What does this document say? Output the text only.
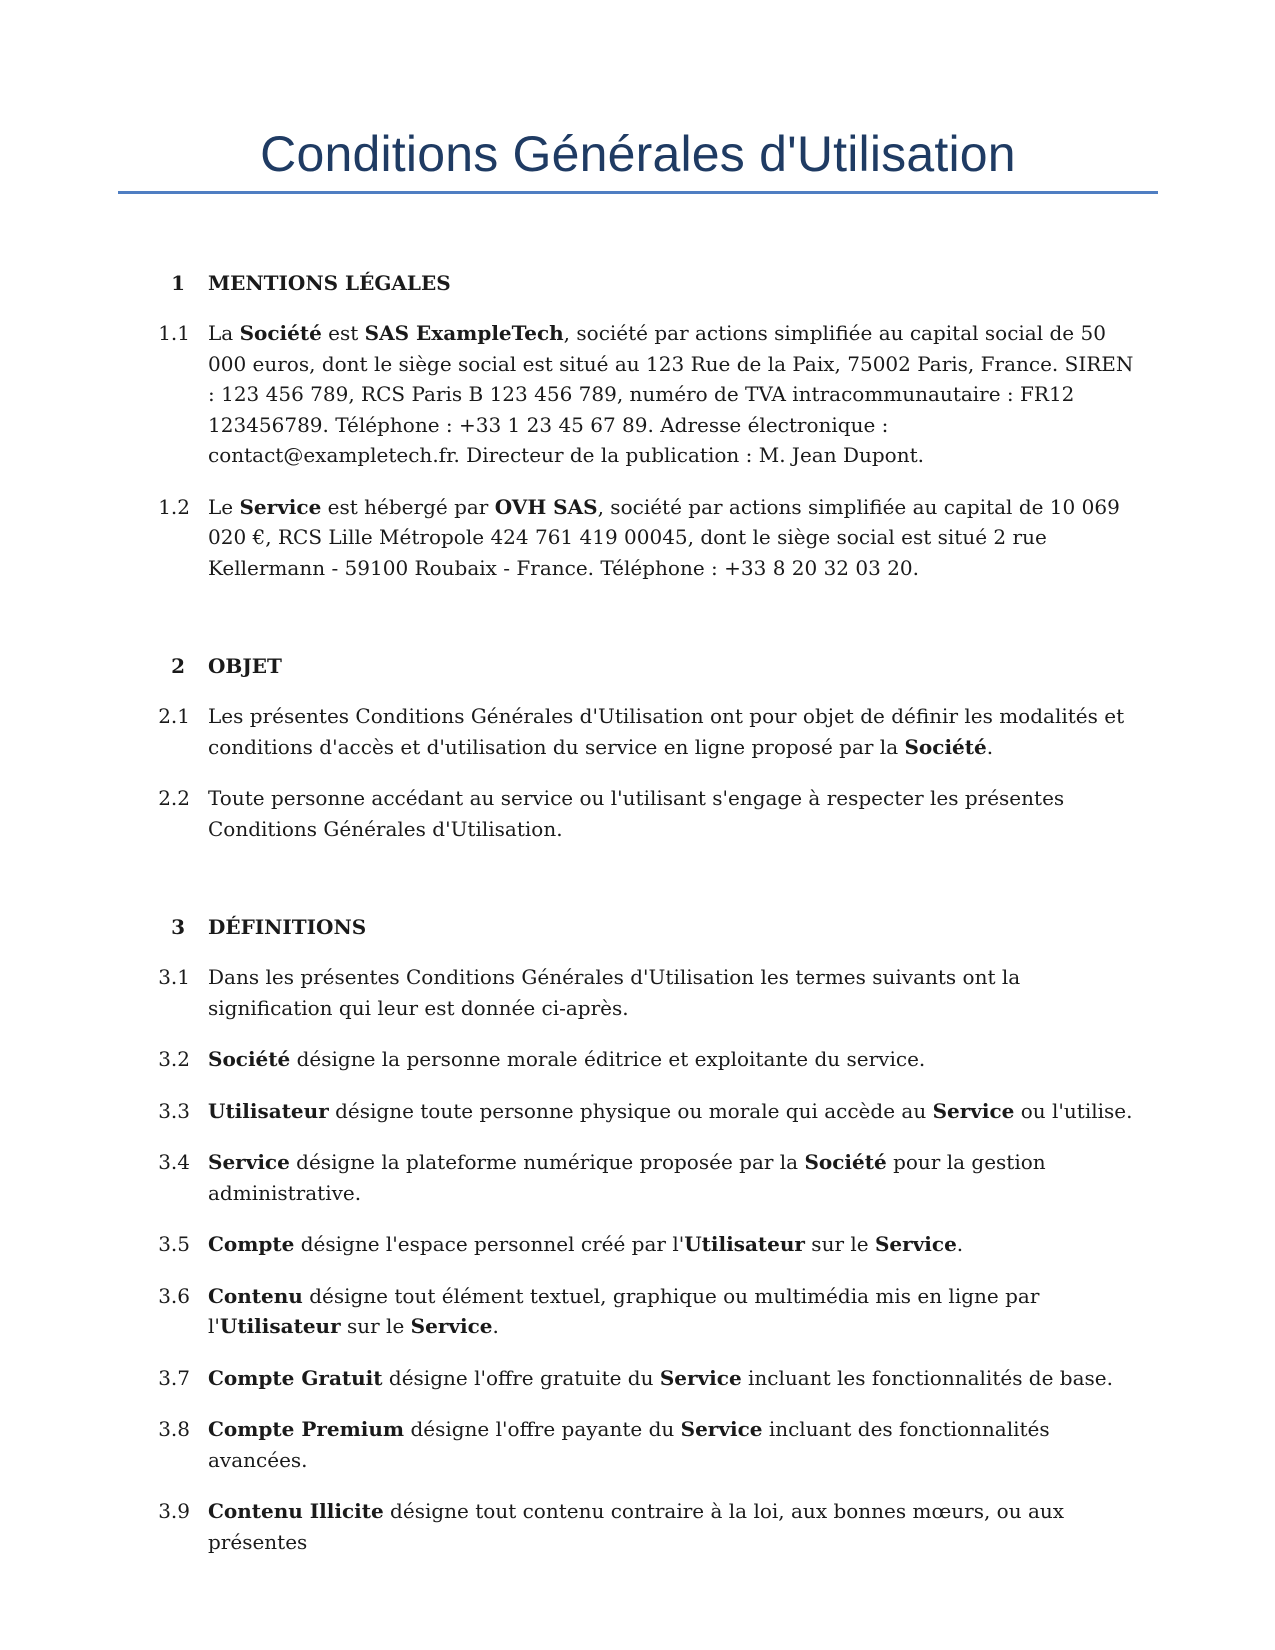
Conditions Générales d'Utilisation
1 MENTIONS LÉGALES
1.1 La Société est SAS ExampleTech, société par actions simplifiée au capital social de 50 000 euros, dont le siège social est situé au 123 Rue de la Paix, 75002 Paris, France. SIREN : 123 456 789, RCS Paris B 123 456 789, numéro de TVA intracommunautaire : FR12 123456789. Téléphone : +33 1 23 45 67 89. Adresse électronique : contact@exampletech.fr. Directeur de la publication : M. Jean Dupont.
1.2 Le Service est hébergé par OVH SAS, société par actions simplifiée au capital de 10 069 020 €, RCS Lille Métropole 424 761 419 00045, dont le siège social est situé 2 rue Kellermann - 59100 Roubaix - France. Téléphone : +33 8 20 32 03 20.
2 OBJET
2.1 Les présentes Conditions Générales d'Utilisation ont pour objet de définir les modalités et conditions d'accès et d'utilisation du service en ligne proposé par la Société.
2.2 Toute personne accédant au service ou l'utilisant s'engage à respecter les présentes Conditions Générales d'Utilisation.
3 DÉFINITIONS
3.1 Dans les présentes Conditions Générales d'Utilisation les termes suivants ont la signification qui leur est donnée ci-après.
3.2 Société désigne la personne morale éditrice et exploitante du service.
3.3 Utilisateur désigne toute personne physique ou morale qui accède au Service ou l'utilise.
3.4 Service désigne la plateforme numérique proposée par la Société pour la gestion administrative.
3.5 Compte désigne l'espace personnel créé par l'Utilisateur sur le Service.
3.6 Contenu désigne tout élément textuel, graphique ou multimédia mis en ligne par l'Utilisateur sur le Service.
3.7 Compte Gratuit désigne l'offre gratuite du Service incluant les fonctionnalités de base.
3.8 Compte Premium désigne l'offre payante du Service incluant des fonctionnalités avancées.
3.9 Contenu Illicite désigne tout contenu contraire à la loi, aux bonnes mœurs, ou aux présentes
